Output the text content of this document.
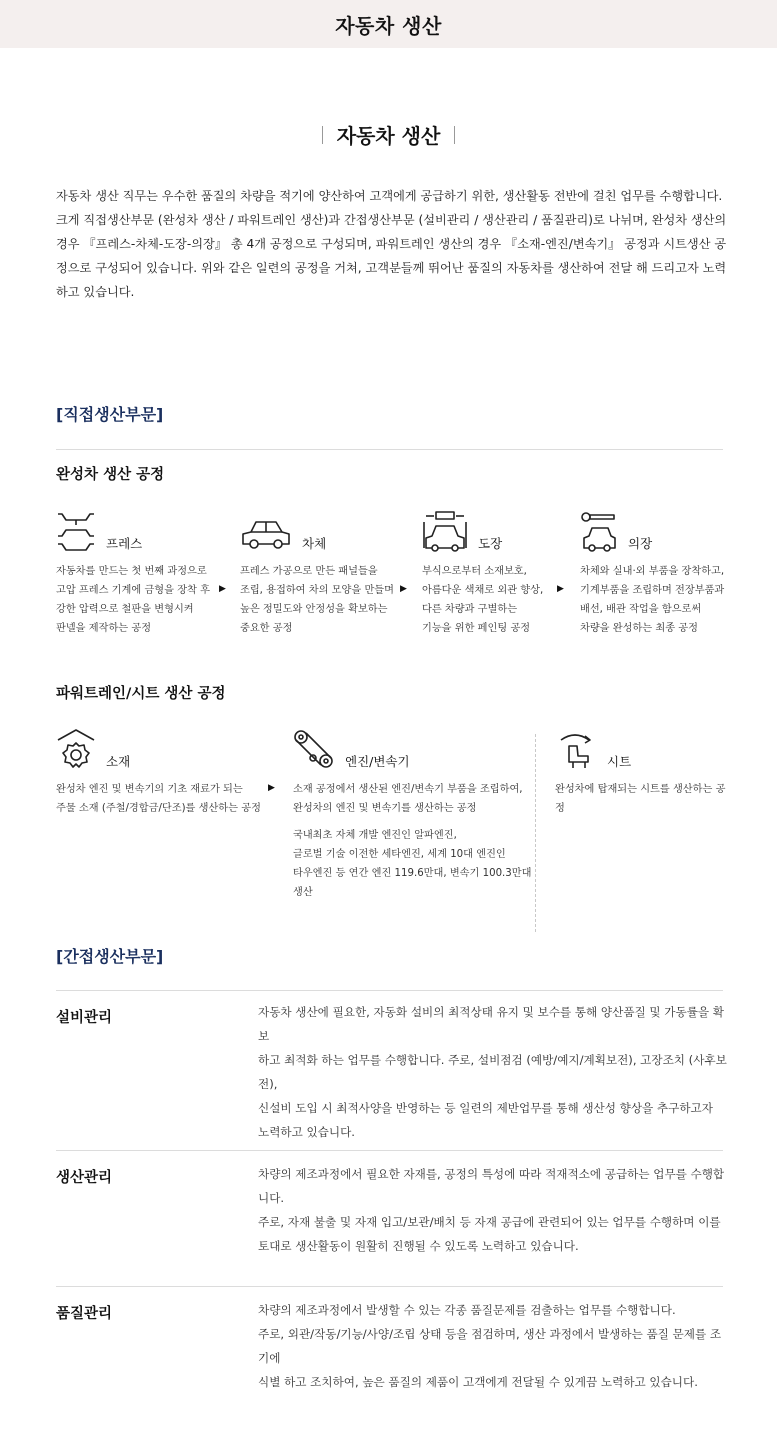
자동차 생산
자동차 생산

자동차 생산 직무는 우수한 품질의 차량을 적기에 양산하여 고객에게 공급하기 위한, 생산활동 전반에 걸친 업무를 수행합니다. 크게 직접생산부문 (완성차 생산 / 파워트레인 생산)과 간접생산부문 (설비관리 / 생산관리 / 품질관리)로 나뉘며, 완성차 생산의 경우 『프레스-차체-도장-의장』 총 4개 공정으로 구성되며, 파워트레인 생산의 경우 『소재-엔진/변속기』 공정과 시트생산 공정으로 구성되어 있습니다. 위와 같은 일련의 공정을 거쳐, 고객분들께 뛰어난 품질의 자동차를 생산하여 전달 해 드리고자 노력하고 있습니다.

[직접생산부문]
완성차 생산 공정
프레스
자동차를 만드는 첫 번째 과정으로
고압 프레스 기계에 금형을 장착 후
강한 압력으로 철판을 변형시켜
판넬을 제작하는 공정
▶
차체
프레스 가공으로 만든 패널들을
조립, 용접하여 차의 모양을 만들며
높은 정밀도와 안정성을 확보하는
중요한 공정
▶
도장
부식으로부터 소재보호,
아름다운 색채로 외관 향상,
다른 차량과 구별하는
기능을 위한 페인팅 공정
▶
의장
차체와 실내·외 부품을 장착하고,
기계부품을 조립하며 전장부품과
배선, 배관 작업을 함으로써
차량을 완성하는 최종 공정
파워트레인/시트 생산 공정
소재
완성차 엔진 및 변속기의 기초 재료가 되는
주물 소재 (주철/경합금/단조)를 생산하는 공정
▶
엔진/변속기
소재 공정에서 생산된 엔진/변속기 부품을 조립하여,
완성차의 엔진 및 변속기를 생산하는 공정
국내최초 자체 개발 엔진인 알파엔진,
글로벌 기술 이전한 세타엔진, 세계 10대 엔진인
타우엔진 등 연간 엔진 119.6만대, 변속기 100.3만대생산
시트
완성차에 탑재되는 시트를 생산하는 공정
[간접생산부문]
설비관리	자동차 생산에 필요한, 자동화 설비의 최적상태 유지 및 보수를 통해 양산품질 및 가동률을 확보
하고 최적화 하는 업무를 수행합니다. 주로, 설비점검 (예방/예지/계획보전), 고장조치 (사후보전),
신설비 도입 시 최적사양을 반영하는 등 일련의 제반업무를 통해 생산성 향상을 추구하고자
노력하고 있습니다.
생산관리	차량의 제조과정에서 필요한 자재를, 공정의 특성에 따라 적재적소에 공급하는 업무를 수행합니다.
주로, 자재 불출 및 자재 입고/보관/배치 등 자재 공급에 관련되어 있는 업무를 수행하며 이를
토대로 생산활동이 원활히 진행될 수 있도록 노력하고 있습니다.
품질관리	차량의 제조과정에서 발생할 수 있는 각종 품질문제를 검출하는 업무를 수행합니다.
주로, 외관/작동/기능/사양/조립 상태 등을 점검하며, 생산 과정에서 발생하는 품질 문제를 조기에
식별 하고 조치하여, 높은 품질의 제품이 고객에게 전달될 수 있게끔 노력하고 있습니다.
